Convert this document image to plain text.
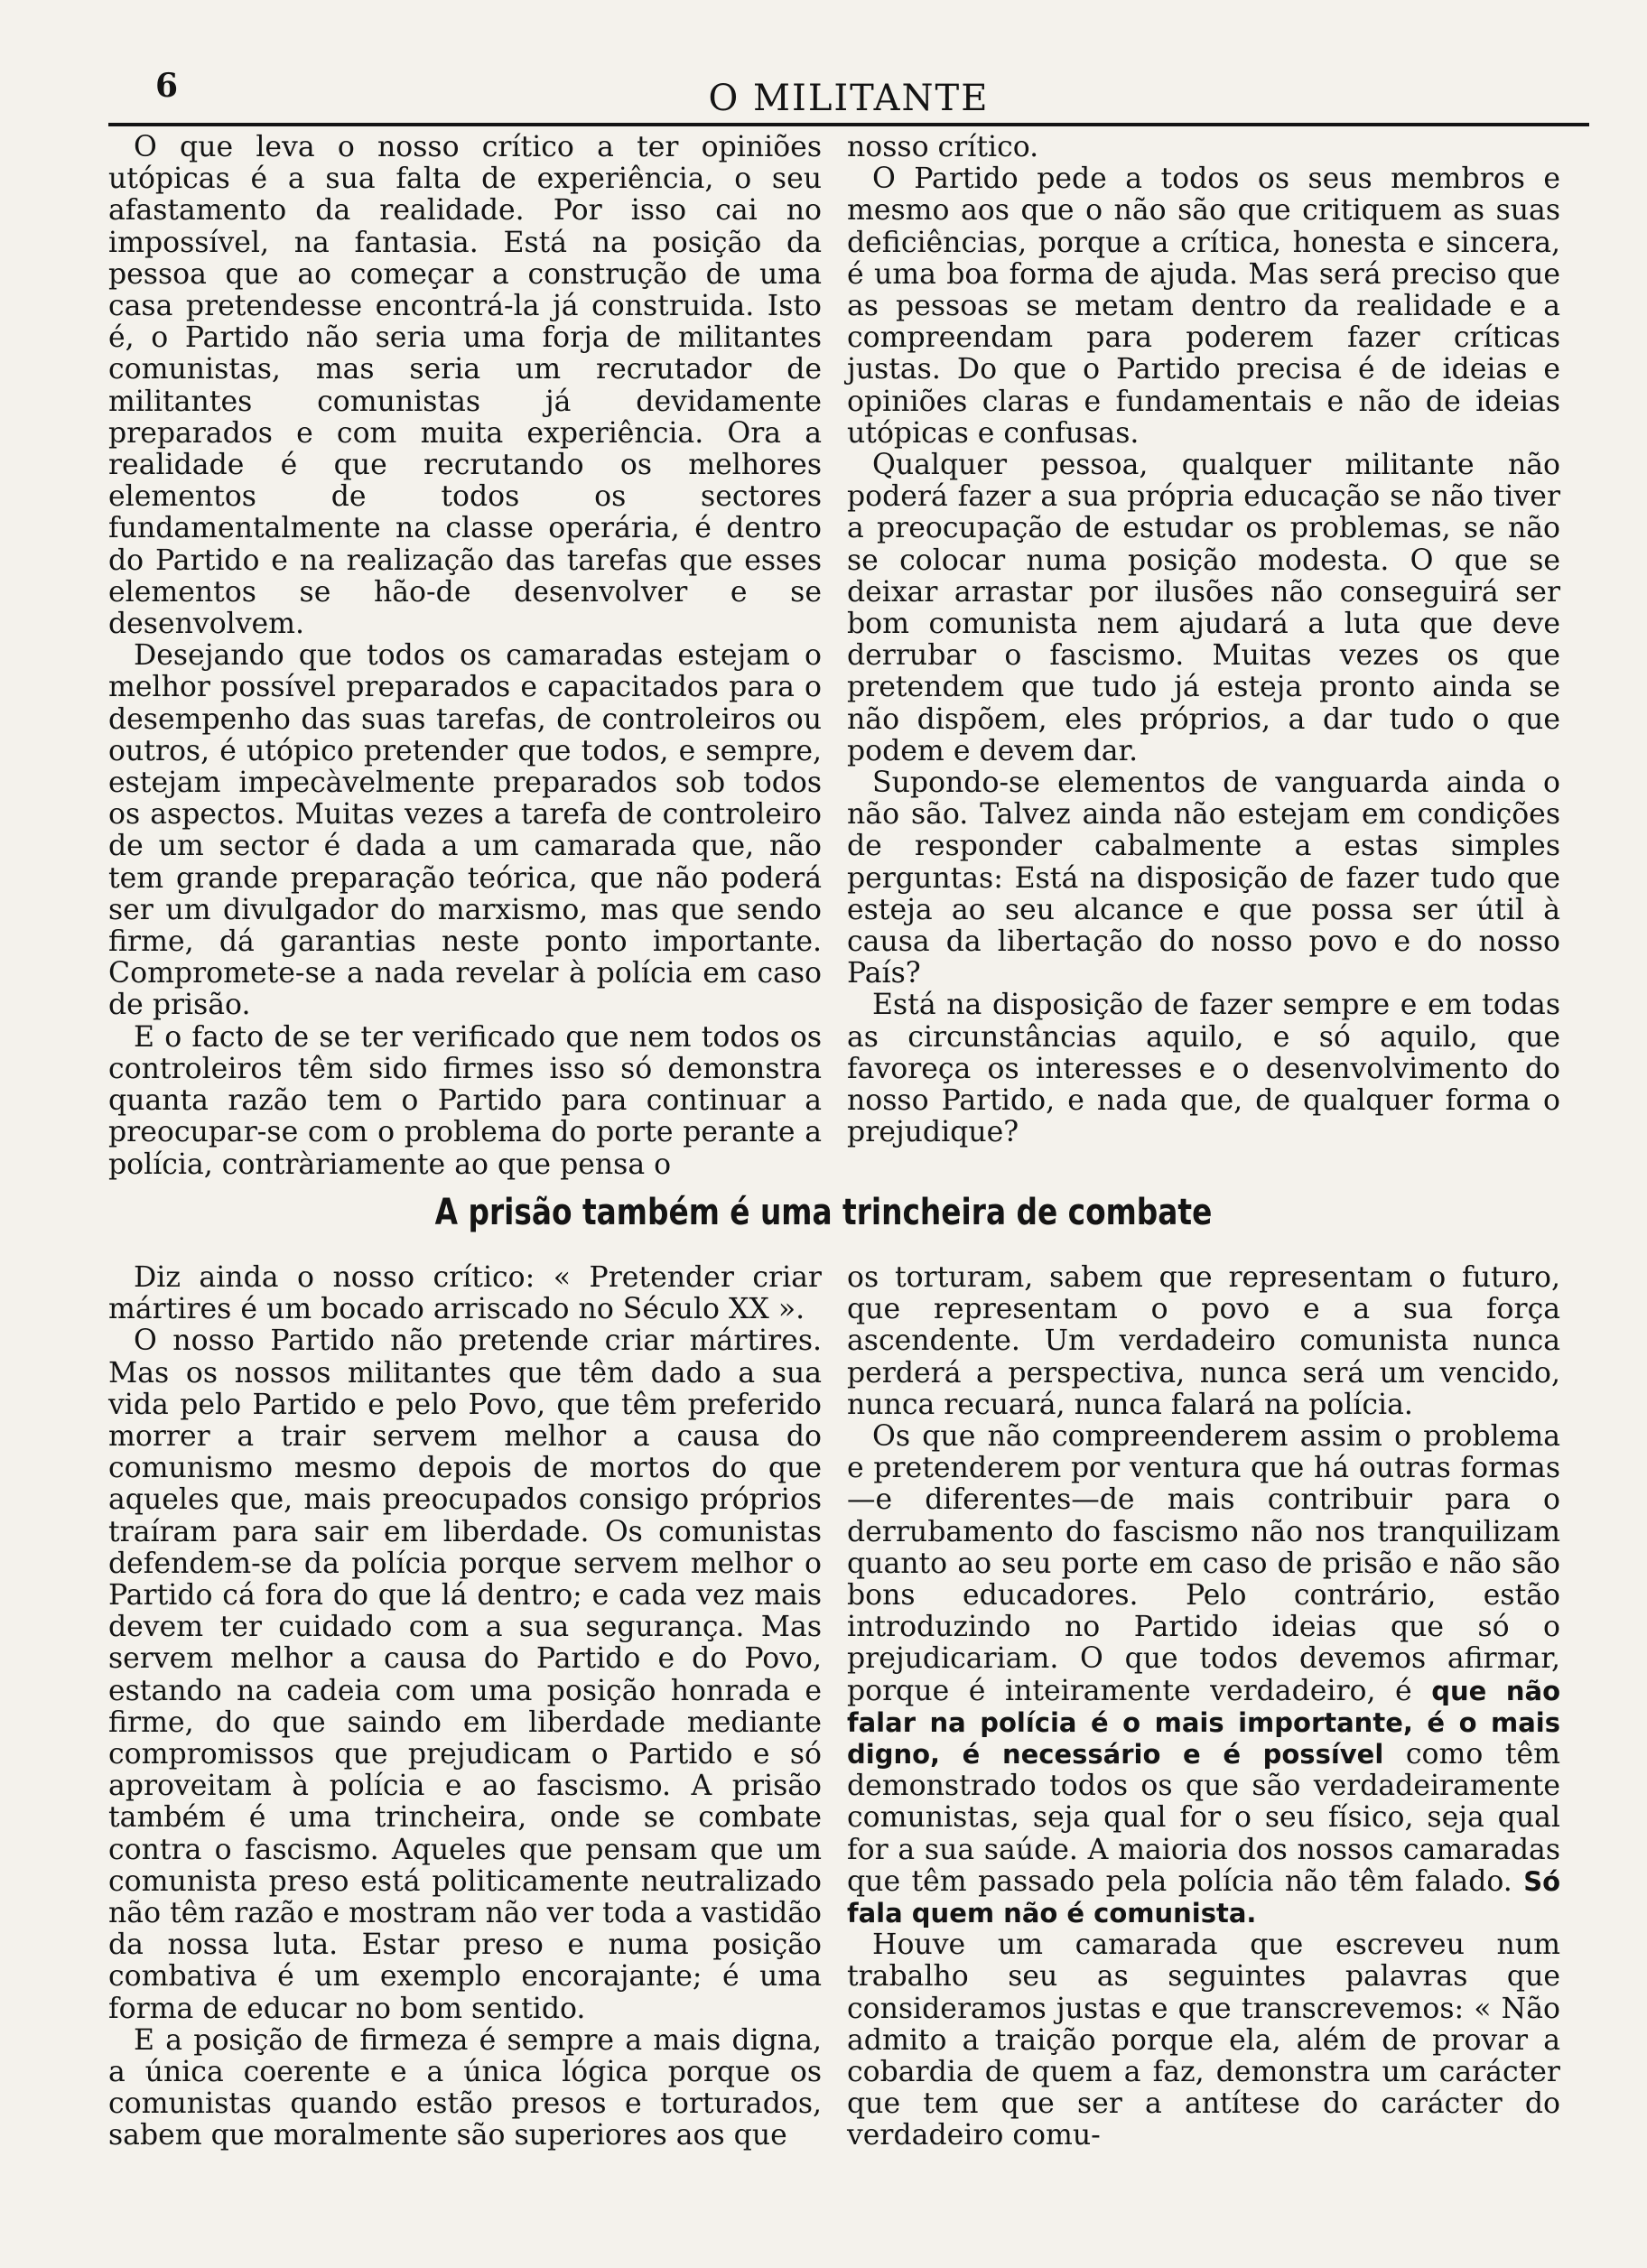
6	O MILITANTE

O que leva o nosso crítico a ter opiniões utópicas é a sua falta de experiência, o seu afastamento da realidade. Por isso cai no impossível, na fantasia. Está na posição da pessoa que ao começar a construção de uma casa pretendesse encontrá-la já construida. Isto é, o Partido não seria uma forja de militantes comunistas, mas seria um recrutador de militantes comunistas já devidamente preparados e com muita experiência. Ora a realidade é que recrutando os melhores elementos de todos os sectores fundamentalmente na classe operária, é dentro do Partido e na realização das tarefas que esses elementos se hão-de desenvolver e se desenvolvem.

Desejando que todos os camaradas estejam o melhor possível preparados e capacitados para o desempenho das suas tarefas, de controleiros ou outros, é utópico pretender que todos, e sempre, estejam impecàvelmente preparados sob todos os aspectos. Muitas vezes a tarefa de controleiro de um sector é dada a um camarada que, não tem grande preparação teórica, que não poderá ser um divulgador do marxismo, mas que sendo firme, dá garantias neste ponto importante. Compromete-se a nada revelar à polícia em caso de prisão.

E o facto de se ter verificado que nem todos os controleiros têm sido firmes isso só demonstra quanta razão tem o Partido para continuar a preocupar-se com o problema do porte perante a polícia, contràriamente ao que pensa o

nosso crítico.

O Partido pede a todos os seus membros e mesmo aos que o não são que critiquem as suas deficiências, porque a crítica, honesta e sincera, é uma boa forma de ajuda. Mas será preciso que as pessoas se metam dentro da realidade e a compreendam para poderem fazer críticas justas. Do que o Partido precisa é de ideias e opiniões claras e fundamentais e não de ideias utópicas e confusas.

Qualquer pessoa, qualquer militante não poderá fazer a sua própria educação se não tiver a preocupação de estudar os problemas, se não se colocar numa posição modesta. O que se deixar arrastar por ilusões não conseguirá ser bom comunista nem ajudará a luta que deve derrubar o fascismo. Muitas vezes os que pretendem que tudo já esteja pronto ainda se não dispõem, eles próprios, a dar tudo o que podem e devem dar.

Supondo-se elementos de vanguarda ainda o não são. Talvez ainda não estejam em condições de responder cabalmente a estas simples perguntas: Está na disposição de fazer tudo que esteja ao seu alcance e que possa ser útil à causa da libertação do nosso povo e do nosso País?

Está na disposição de fazer sempre e em todas as circunstâncias aquilo, e só aquilo, que favoreça os interesses e o desenvolvimento do nosso Partido, e nada que, de qualquer forma o prejudique?

A prisão também é uma trincheira de combate

Diz ainda o nosso crítico: « Pretender criar mártires é um bocado arriscado no Século XX ».

O nosso Partido não pretende criar mártires. Mas os nossos militantes que têm dado a sua vida pelo Partido e pelo Povo, que têm preferido morrer a trair servem melhor a causa do comunismo mesmo depois de mortos do que aqueles que, mais preocupados consigo próprios traíram para sair em liberdade. Os comunistas defendem-se da polícia porque servem melhor o Partido cá fora do que lá dentro; e cada vez mais devem ter cuidado com a sua segurança. Mas servem melhor a causa do Partido e do Povo, estando na cadeia com uma posição honrada e firme, do que saindo em liberdade mediante compromissos que prejudicam o Partido e só aproveitam à polícia e ao fascismo. A prisão também é uma trincheira, onde se combate contra o fascismo. Aqueles que pensam que um comunista preso está politicamente neutralizado não têm razão e mostram não ver toda a vastidão da nossa luta. Estar preso e numa posição combativa é um exemplo encorajante; é uma forma de educar no bom sentido.

E a posição de firmeza é sempre a mais digna, a única coerente e a única lógica porque os comunistas quando estão presos e torturados, sabem que moralmente são superiores aos que

os torturam, sabem que representam o futuro, que representam o povo e a sua força ascendente. Um verdadeiro comunista nunca perderá a perspectiva, nunca será um vencido, nunca recuará, nunca falará na polícia.

Os que não compreenderem assim o problema e pretenderem por ventura que há outras formas—e diferentes—de mais contribuir para o derrubamento do fascismo não nos tranquilizam quanto ao seu porte em caso de prisão e não são bons educadores. Pelo contrário, estão introduzindo no Partido ideias que só o prejudicariam. O que todos devemos afirmar, porque é inteiramente verdadeiro, é que não falar na polícia é o mais importante, é o mais digno, é necessário e é possível como têm demonstrado todos os que são verdadeiramente comunistas, seja qual for o seu físico, seja qual for a sua saúde. A maioria dos nossos camaradas que têm passado pela polícia não têm falado. Só fala quem não é comunista.

Houve um camarada que escreveu num trabalho seu as seguintes palavras que consideramos justas e que transcrevemos: « Não admito a traição porque ela, além de provar a cobardia de quem a faz, demonstra um carácter que tem que ser a antítese do carácter do verdadeiro comu-
